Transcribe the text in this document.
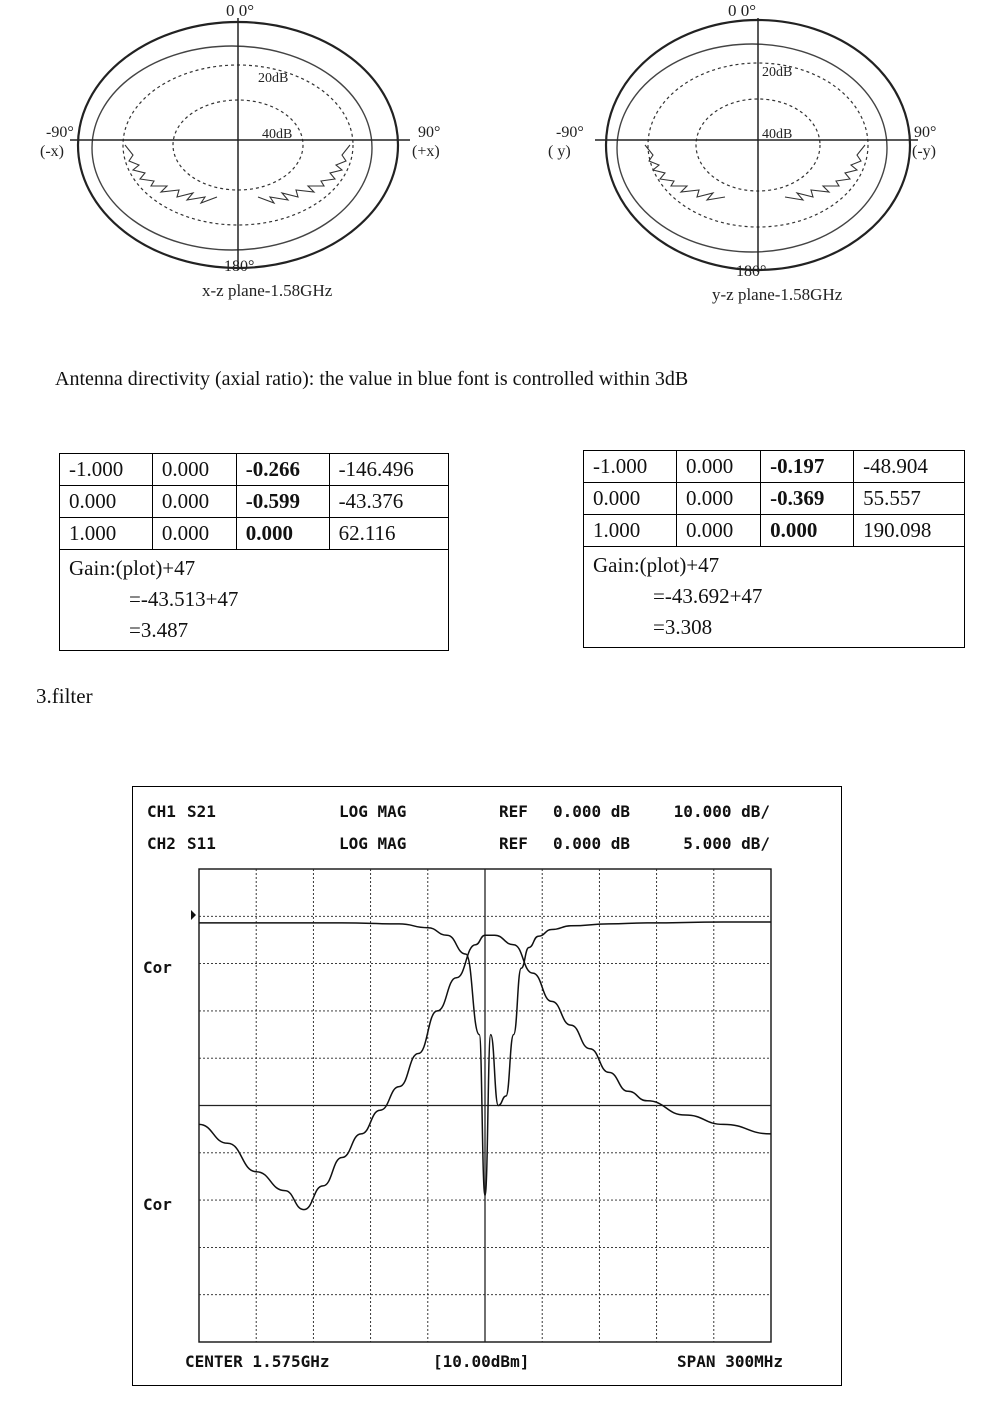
0 0°
-90°
(-x)
90°
(+x)
20dB
40dB
180°
x-z plane-1.58GHz
0 0°
-90°
( y)
90°
(-y)
20dB
40dB
180°
y-z plane-1.58GHz
Antenna directivity (axial ratio): the value in blue font is controlled within 3dB
-1.000	0.000	-0.266	-146.496
0.000	0.000	-0.599	-43.376
1.000	0.000	0.000	62.116

Gain:(plot)+47
=-43.513+47
=3.487			
-1.000	0.000	-0.197	-48.904
0.000	0.000	-0.369	55.557
1.000	0.000	0.000	190.098

Gain:(plot)+47
=-43.692+47
=3.308			
3.filter
CH1 S21	LOG MAG	REF 0.000 dB	10.000 dB/
CH2 S11	LOG MAG	REF 0.000 dB	5.000 dB/
Cor
Cor
CENTER 1.575GHz	[10.00dBm]	SPAN 300MHz
